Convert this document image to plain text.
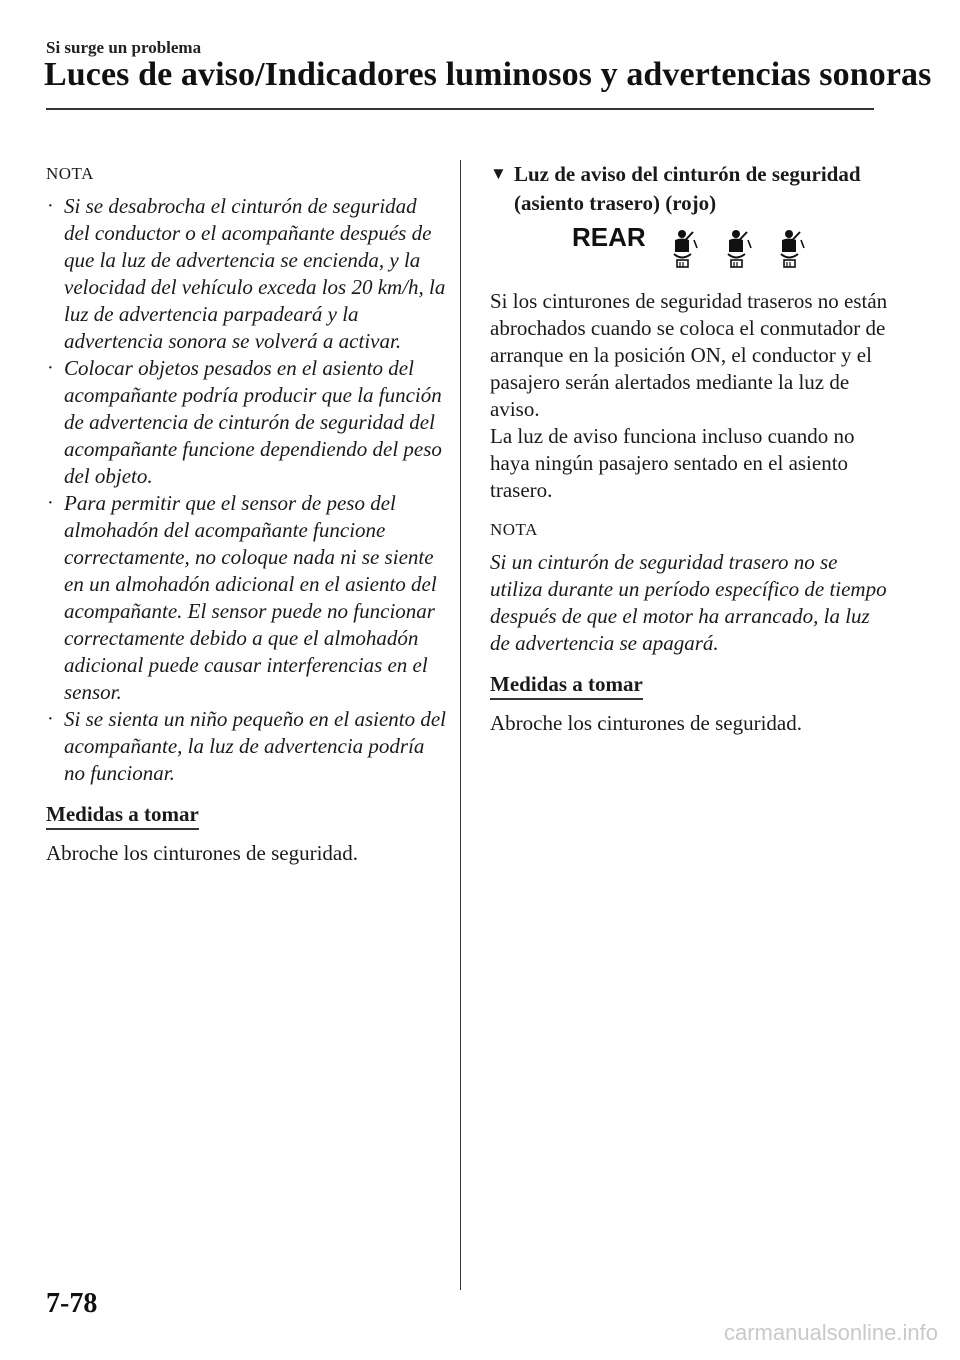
Si surge un problema
Luces de aviso/Indicadores luminosos y advertencias sonoras
NOTA
· Si se desabrocha el cinturón de seguridad del conductor o el acompañante después de que la luz de advertencia se encienda, y la velocidad del vehículo exceda los 20 km/h, la luz de advertencia parpadeará y la advertencia sonora se volverá a activar.
· Colocar objetos pesados en el asiento del acompañante podría producir que la función de advertencia de cinturón de seguridad del acompañante funcione dependiendo del peso del objeto.
· Para permitir que el sensor de peso del almohadón del acompañante funcione correctamente, no coloque nada ni se siente en un almohadón adicional en el asiento del acompañante. El sensor puede no funcionar correctamente debido a que el almohadón adicional puede causar interferencias en el sensor.
· Si se sienta un niño pequeño en el asiento del acompañante, la luz de advertencia podría no funcionar.
Medidas a tomar

Abroche los cinturones de seguridad.

▼ Luz de aviso del cinturón de seguridad (asiento trasero) (rojo)
REAR

Si los cinturones de seguridad traseros no están abrochados cuando se coloca el conmutador de arranque en la posición ON, el conductor y el pasajero serán alertados mediante la luz de aviso.

La luz de aviso funciona incluso cuando no haya ningún pasajero sentado en el asiento trasero.

NOTA

Si un cinturón de seguridad trasero no se utiliza durante un período específico de tiempo después de que el motor ha arrancado, la luz de advertencia se apagará.

Medidas a tomar

Abroche los cinturones de seguridad.

7-78
carmanualsonline.info
